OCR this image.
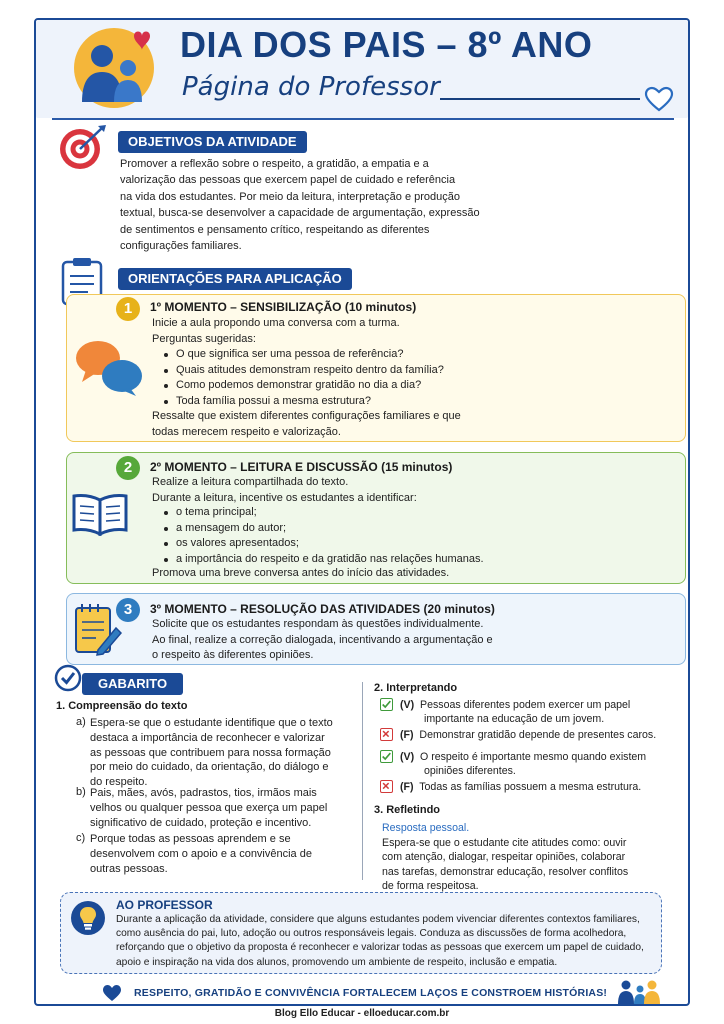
DIA DOS PAIS – 8º ANO
Página do Professor
OBJETIVOS DA ATIVIDADE
Promover a reflexão sobre o respeito, a gratidão, a empatia e a
valorização das pessoas que exercem papel de cuidado e referência
na vida dos estudantes. Por meio da leitura, interpretação e produção
textual, busca-se desenvolver a capacidade de argumentação, expressão
de sentimentos e pensamento crítico, respeitando as diferentes
configurações familiares.
ORIENTAÇÕES PARA APLICAÇÃO
1	1º MOMENTO – SENSIBILIZAÇÃO (10 minutos)
Inicie a aula propondo uma conversa com a turma.
Perguntas sugeridas:
O que significa ser uma pessoa de referência?
Quais atitudes demonstram respeito dentro da família?
Como podemos demonstrar gratidão no dia a dia?
Toda família possui a mesma estrutura?
Ressalte que existem diferentes configurações familiares e que
todas merecem respeito e valorização.
2	2º MOMENTO – LEITURA E DISCUSSÃO (15 minutos)
Realize a leitura compartilhada do texto.
Durante a leitura, incentive os estudantes a identificar:
o tema principal;
a mensagem do autor;
os valores apresentados;
a importância do respeito e da gratidão nas relações humanas.
Promova uma breve conversa antes do início das atividades.
3	3º MOMENTO – RESOLUÇÃO DAS ATIVIDADES (20 minutos)
Solicite que os estudantes respondam às questões individualmente.
Ao final, realize a correção dialogada, incentivando a argumentação e
o respeito às diferentes opiniões.
GABARITO
1. Compreensão do texto
a) Espera-se que o estudante identifique que o texto
destaca a importância de reconhecer e valorizar
as pessoas que contribuem para nossa formação
por meio do cuidado, da orientação, do diálogo e
do respeito.
b) Pais, mães, avós, padrastos, tios, irmãos mais
velhos ou qualquer pessoa que exerça um papel
significativo de cuidado, proteção e incentivo.
c) Porque todas as pessoas aprendem e se
desenvolvem com o apoio e a convivência de
outras pessoas.
2. Interpretando
(V) Pessoas diferentes podem exercer um papel
importante na educação de um jovem.
(F) Demonstrar gratidão depende de presentes caros.
(V) O respeito é importante mesmo quando existem
opiniões diferentes.
(F) Todas as famílias possuem a mesma estrutura.
3. Refletindo
Resposta pessoal.
Espera-se que o estudante cite atitudes como: ouvir
com atenção, dialogar, respeitar opiniões, colaborar
nas tarefas, demonstrar educação, resolver conflitos
de forma respeitosa.
AO PROFESSOR
Durante a aplicação da atividade, considere que alguns estudantes podem vivenciar diferentes contextos familiares,
como ausência do pai, luto, adoção ou outros responsáveis legais. Conduza as discussões de forma acolhedora,
reforçando que o objetivo da proposta é reconhecer e valorizar todas as pessoas que exercem um papel de cuidado,
apoio e inspiração na vida dos alunos, promovendo um ambiente de respeito, inclusão e empatia.
RESPEITO, GRATIDÃO E CONVIVÊNCIA FORTALECEM LAÇOS E CONSTROEM HISTÓRIAS!
Blog Ello Educar - elloeducar.com.br
